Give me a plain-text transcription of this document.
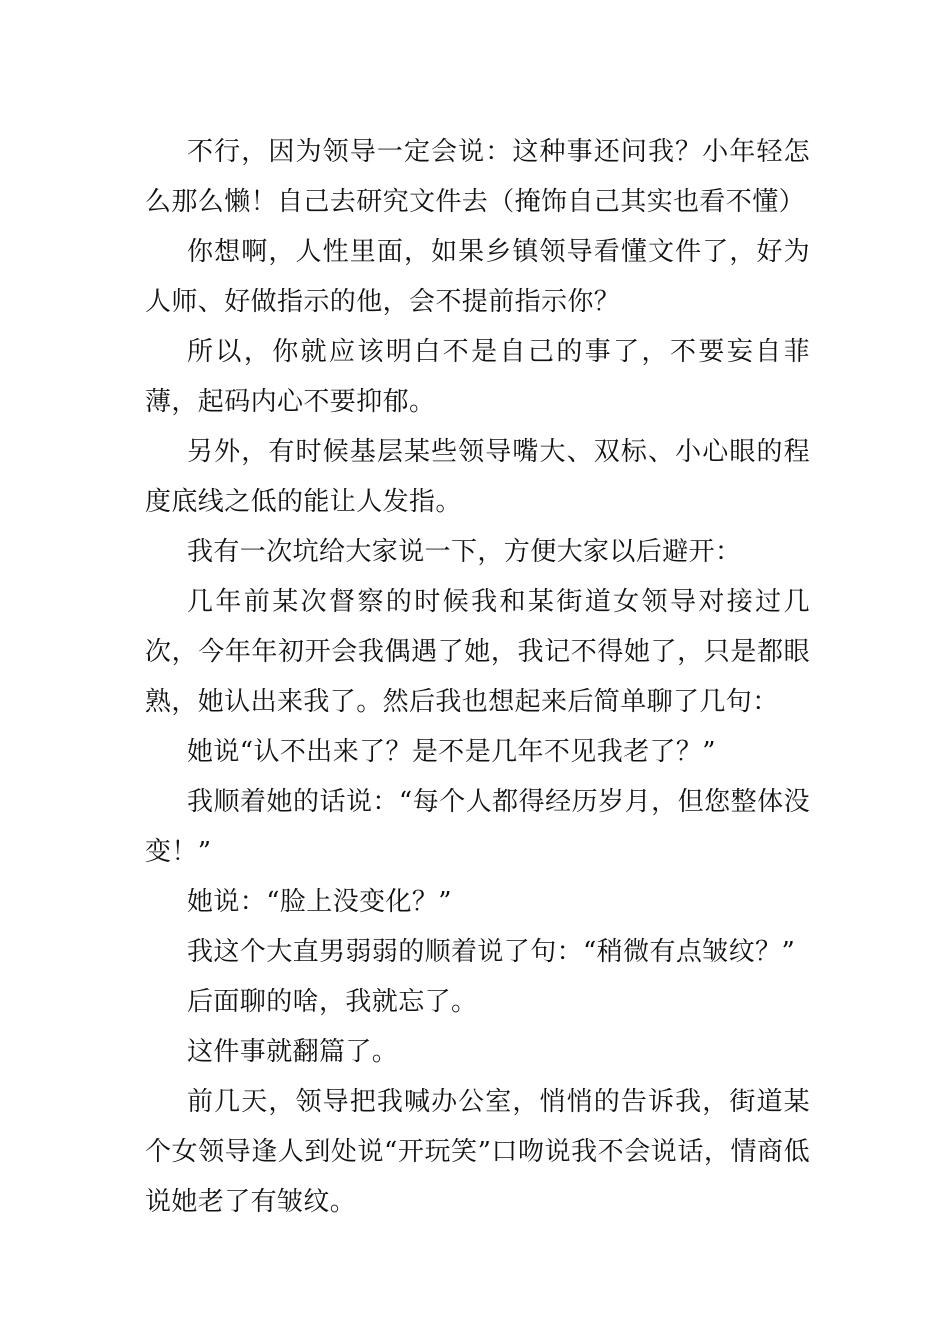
不行，因为领导一定会说：这种事还问我？小年轻怎么那么懒！自己去研究文件去（掩饰自己其实也看不懂）

你想啊，人性里面，如果乡镇领导看懂文件了，好为人师、好做指示的他，会不提前指示你？

所以，你就应该明白不是自己的事了，不要妄自菲薄，起码内心不要抑郁。

另外，有时候基层某些领导嘴大、双标、小心眼的程度底线之低的能让人发指。

我有一次坑给大家说一下，方便大家以后避开：

几年前某次督察的时候我和某街道女领导对接过几次，今年年初开会我偶遇了她，我记不得她了，只是都眼熟，她认出来我了。然后我也想起来后简单聊了几句：

她说“认不出来了？是不是几年不见我老了？”

我顺着她的话说：“每个人都得经历岁月，但您整体没变！”

她说：“脸上没变化？”

我这个大直男弱弱的顺着说了句：“稍微有点皱纹？”

后面聊的啥，我就忘了。

这件事就翻篇了。

前几天，领导把我喊办公室，悄悄的告诉我，街道某个女领导逢人到处说“开玩笑”口吻说我不会说话，情商低说她老了有皱纹。
